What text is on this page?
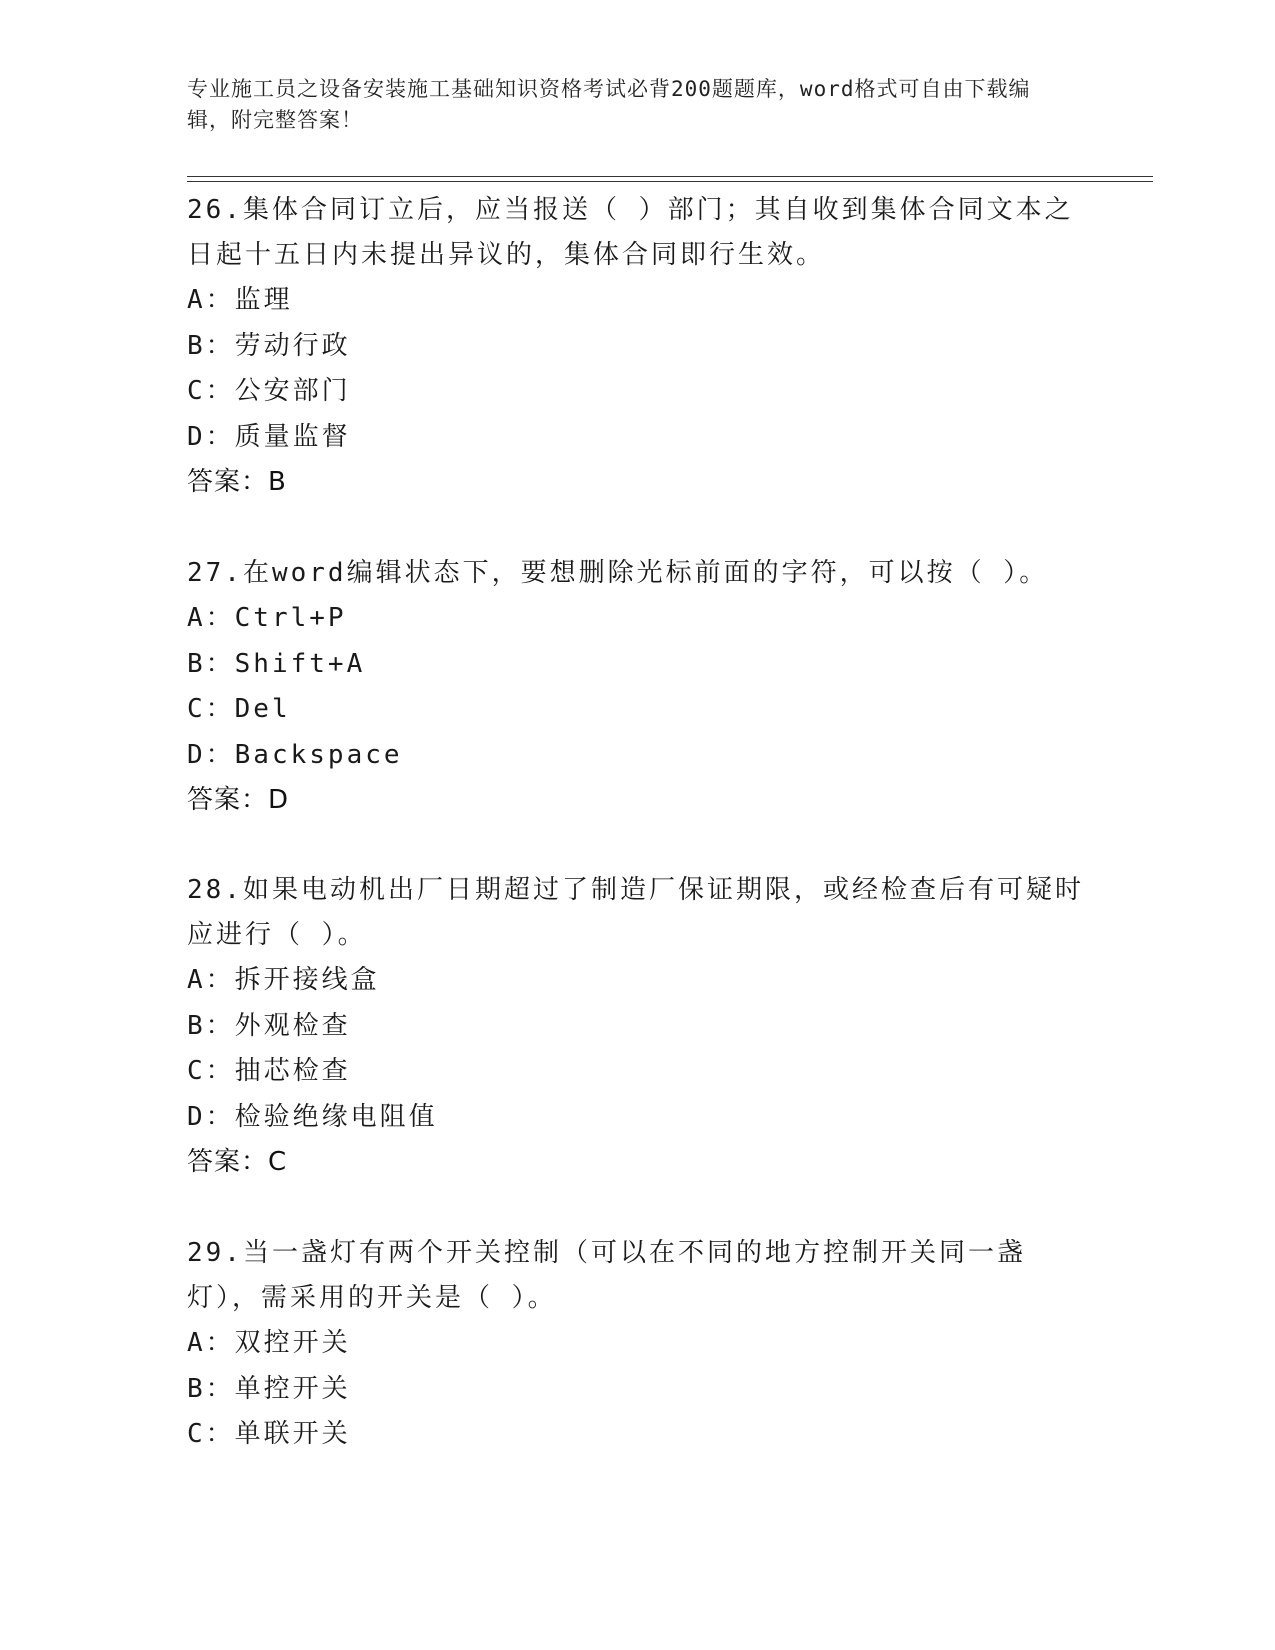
专业施工员之设备安装施工基础知识资格考试必背200题题库，word格式可自由下载编辑，附完整答案！

26.集体合同订立后，应当报送（ ）部门；其自收到集体合同文本之日起十五日内未提出异议的，集体合同即行生效。

A：监理
B：劳动行政
C：公安部门
D：质量监督
答案：B

27.在word编辑状态下，要想删除光标前面的字符，可以按（ ）。

A：Ctrl+P
B：Shift+A
C：Del
D：Backspace
答案：D

28.如果电动机出厂日期超过了制造厂保证期限，或经检查后有可疑时应进行（ ）。

A：拆开接线盒
B：外观检查
C：抽芯检查
D：检验绝缘电阻值
答案：C

29.当一盏灯有两个开关控制（可以在不同的地方控制开关同一盏灯），需采用的开关是（ ）。

A：双控开关
B：单控开关
C：单联开关
